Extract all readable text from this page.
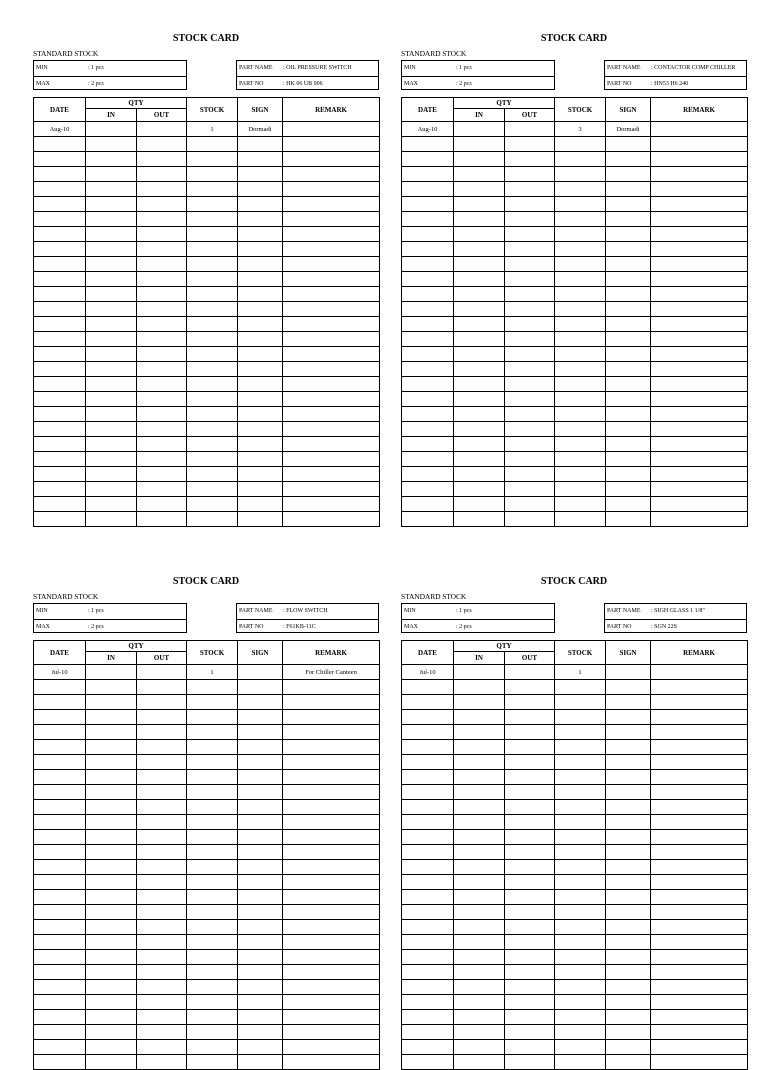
STOCK CARD
STANDARD STOCK
MIN	: 1 pcs
MAX	: 2 pcs
PART NAME : OIL PRESSURE SWITCH
PART NO	: HK 06 UB 006
DATE	QTY		STOCK	SIGN	REMARK
	IN	OUT			
Aug-10			1	Dormadi	

STOCK CARD
STANDARD STOCK
MIN	: 1 pcs
MAX	: 2 pcs
PART NAME : CONTACTOR COMP CHILLER
PART NO	: HN53 H6 240
DATE	QTY		STOCK	SIGN	REMARK
	IN	OUT			
Aug-10			3	Dormadi	

STOCK CARD
STANDARD STOCK
MIN	: 1 pcs
MAX	: 2 pcs
PART NAME : FLOW SWITCH
PART NO	: F61KB-11C
DATE	QTY		STOCK	SIGN	REMARK
	IN	OUT			
Jul-10			1		For Chiller Canteen

STOCK CARD
STANDARD STOCK
MIN	: 1 pcs
MAX	: 2 pcs
PART NAME : SIGH GLASS 1 1/8"
PART NO	: SGN 22S
DATE	QTY		STOCK	SIGN	REMARK
	IN	OUT			
Jul-10			1		
